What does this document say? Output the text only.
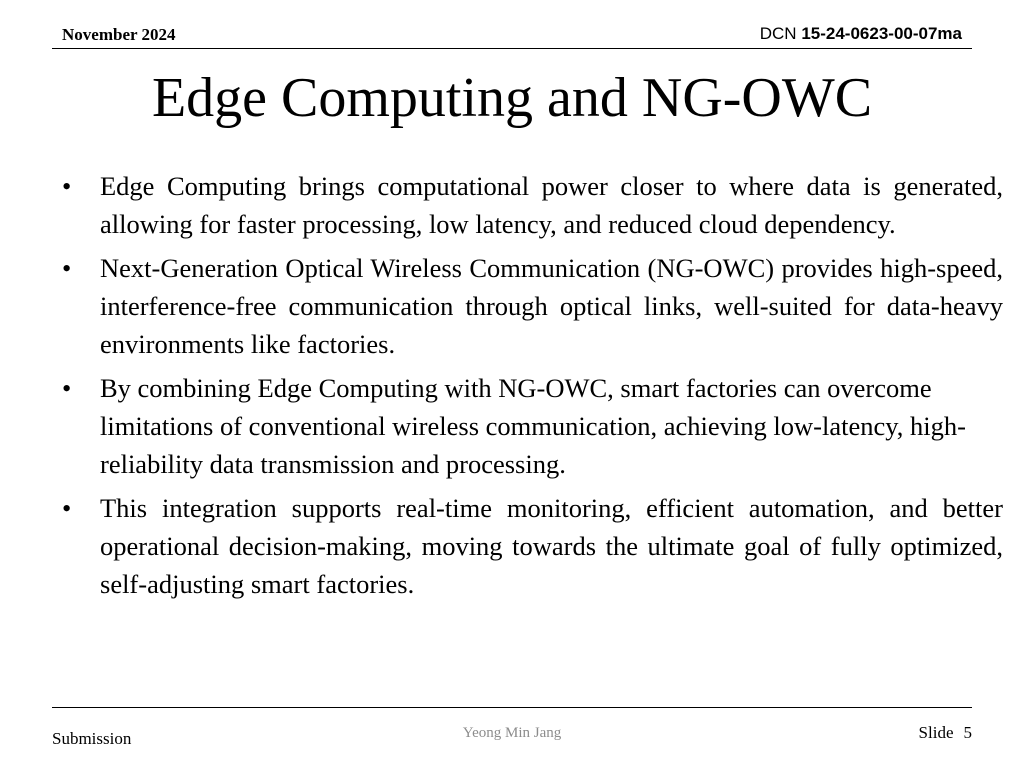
November 2024	DCN 15-24-0623-00-07ma
Edge Computing and NG-OWC
•	Edge Computing brings computational power closer to where data is generated, allowing for faster processing, low latency, and reduced cloud dependency.
•	Next-Generation Optical Wireless Communication (NG-OWC) provides high-speed, interference-free communication through optical links, well-suited for data-heavy environments like factories.
•	By combining Edge Computing with NG-OWC, smart factories can overcome limitations of conventional wireless communication, achieving low-latency, high-reliability data transmission and processing.
•	This integration supports real-time monitoring, efficient automation, and better operational decision-making, moving towards the ultimate goal of fully optimized, self-adjusting smart factories.
Submission	Yeong Min Jang	Slide 5
